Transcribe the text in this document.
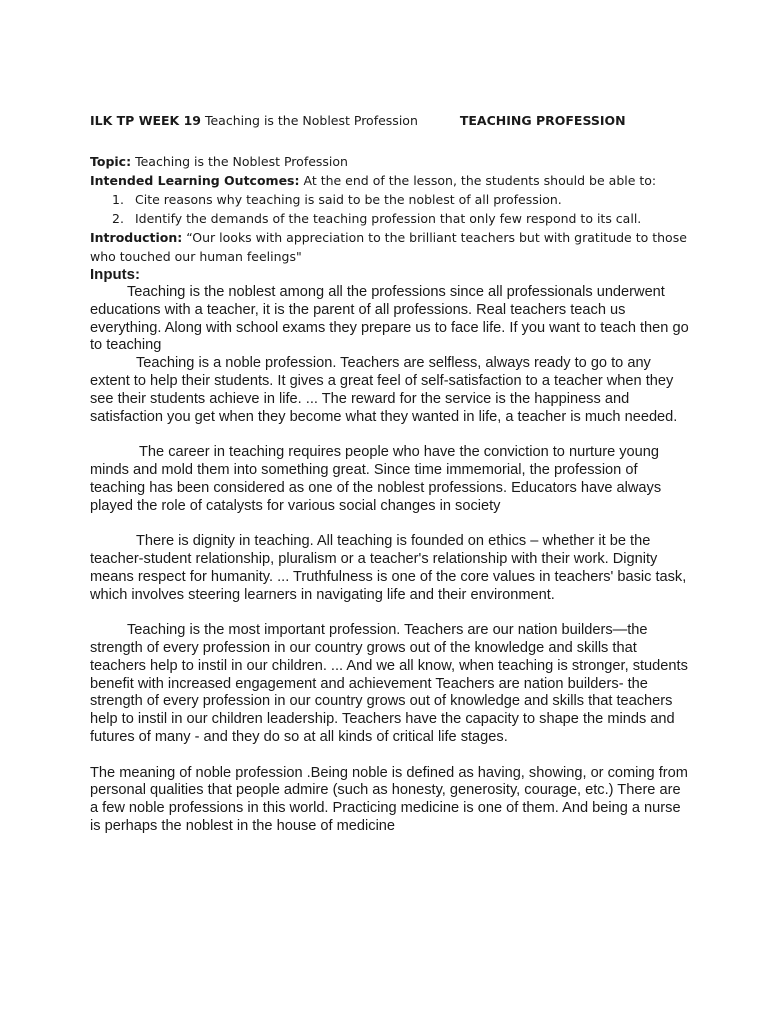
ILK TP WEEK 19 Teaching is the Noblest Profession	TEACHING PROFESSION

Topic: Teaching is the Noblest Profession

Intended Learning Outcomes: At the end of the lesson, the students should be able to:

1. Cite reasons why teaching is said to be the noblest of all profession.
2. Identify the demands of the teaching profession that only few respond to its call.

Introduction: “Our looks with appreciation to the brilliant teachers but with gratitude to those who touched our human feelings"

Inputs:

Teaching is the noblest among all the professions since all professionals underwent educations with a teacher, it is the parent of all professions. Real teachers teach us everything. Along with school exams they prepare us to face life. If you want to teach then go to teaching

Teaching is a noble profession. Teachers are selfless, always ready to go to any extent to help their students. It gives a great feel of self-satisfaction to a teacher when they see their students achieve in life. ... The reward for the service is the happiness and satisfaction you get when they become what they wanted in life, a teacher is much needed.

The career in teaching requires people who have the conviction to nurture young minds and mold them into something great. Since time immemorial, the profession of teaching has been considered as one of the noblest professions. Educators have always played the role of catalysts for various social changes in society

There is dignity in teaching. All teaching is founded on ethics – whether it be the teacher-student relationship, pluralism or a teacher's relationship with their work. Dignity means respect for humanity. ... Truthfulness is one of the core values in teachers' basic task, which involves steering learners in navigating life and their environment.

Teaching is the most important profession. Teachers are our nation builders—the strength of every profession in our country grows out of the knowledge and skills that teachers help to instil in our children. ... And we all know, when teaching is stronger, students benefit with increased engagement and achievement Teachers are nation builders- the strength of every profession in our country grows out of knowledge and skills that teachers help to instil in our children leadership. Teachers have the capacity to shape the minds and futures of many - and they do so at all kinds of critical life stages.

The meaning of noble profession .Being noble is defined as having, showing, or coming from personal qualities that people admire (such as honesty, generosity, courage, etc.) There are a few noble professions in this world. Practicing medicine is one of them. And being a nurse is perhaps the noblest in the house of medicine
